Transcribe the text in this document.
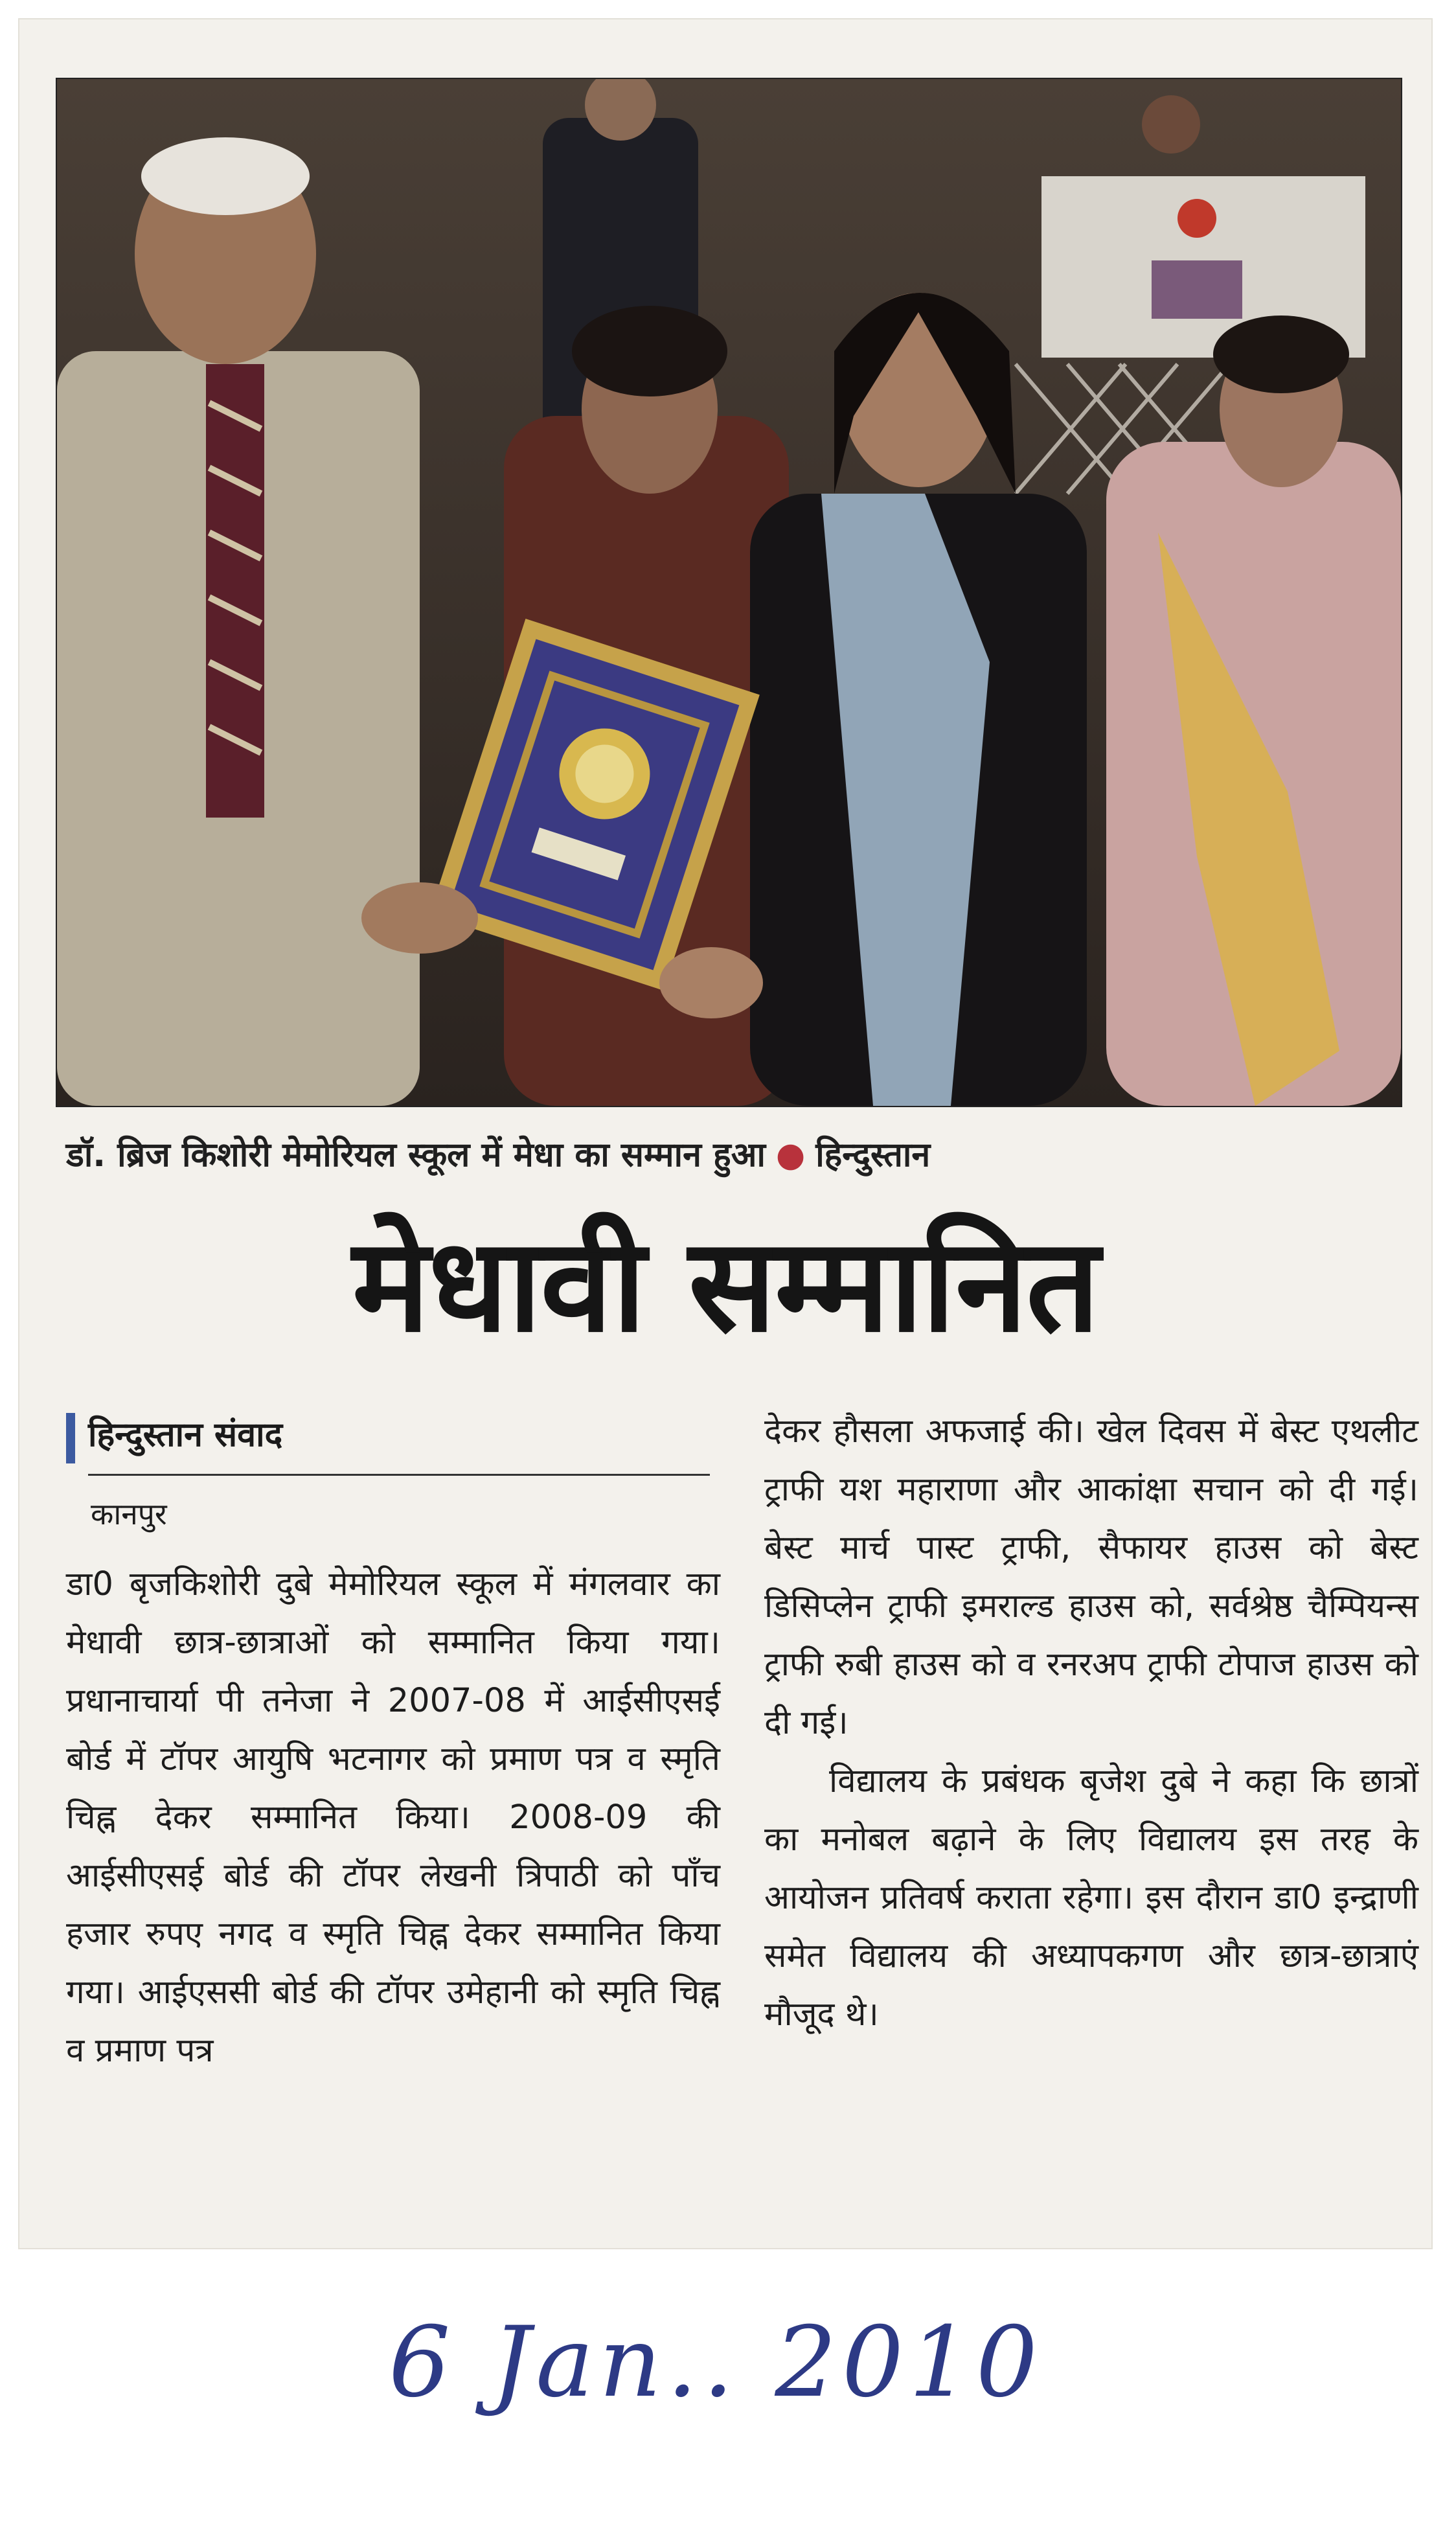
डॉ. ब्रिज किशोरी मेमोरियल स्कूल में मेधा का सम्मान हुआ ● हिन्दुस्तान
मेधावी सम्मानित
हिन्दुस्तान संवाद
कानपुर

डा0 बृजकिशोरी दुबे मेमोरियल स्कूल में मंगलवार का मेधावी छात्र-छात्राओं को सम्मानित किया गया। प्रधानाचार्या पी तनेजा ने 2007-08 में आईसीएसई बोर्ड में टॉपर आयुषि भटनागर को प्रमाण पत्र व स्मृति चिह्न देकर सम्मानित किया। 2008-09 की आईसीएसई बोर्ड की टॉपर लेखनी त्रिपाठी को पाँच हजार रुपए नगद व स्मृति चिह्न देकर सम्मानित किया गया। आईएससी बोर्ड की टॉपर उमेहानी को स्मृति चिह्न व प्रमाण पत्र

देकर हौसला अफजाई की। खेल दिवस में बेस्ट एथलीट ट्राफी यश महाराणा और आकांक्षा सचान को दी गई। बेस्ट मार्च पास्ट ट्राफी, सैफायर हाउस को बेस्ट डिसिप्लेन ट्राफी इमराल्ड हाउस को, सर्वश्रेष्ठ चैम्पियन्स ट्राफी रुबी हाउस को व रनरअप ट्राफी टोपाज हाउस को दी गई।

विद्यालय के प्रबंधक बृजेश दुबे ने कहा कि छात्रों का मनोबल बढ़ाने के लिए विद्यालय इस तरह के आयोजन प्रतिवर्ष कराता रहेगा। इस दौरान डा0 इन्द्राणी समेत विद्यालय की अध्यापकगण और छात्र-छात्राएं मौजूद थे।

6 Jan.. 2010
